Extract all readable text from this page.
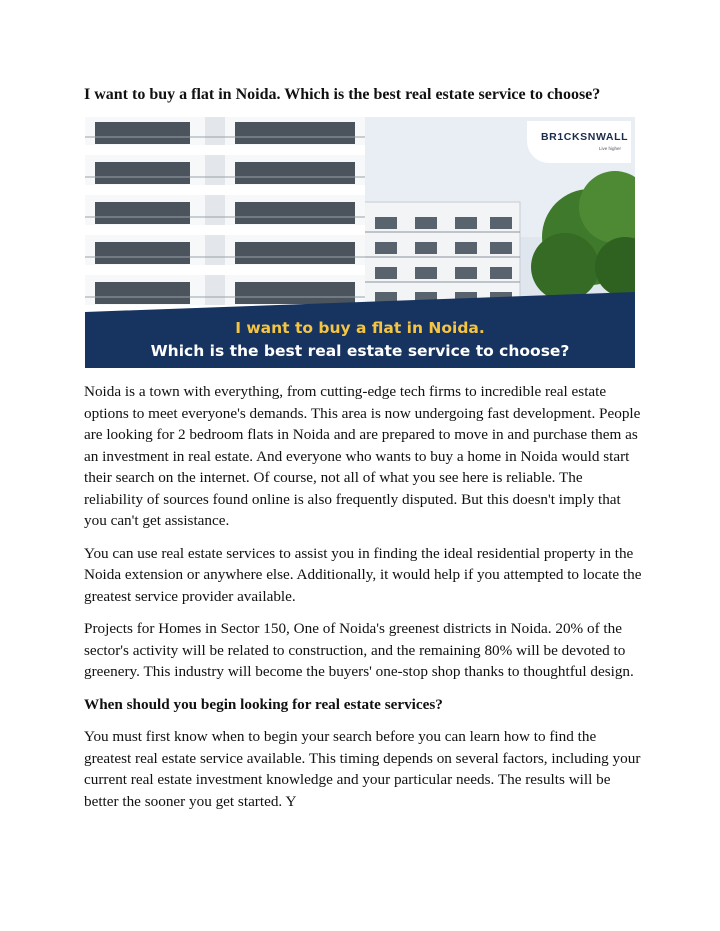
I want to buy a flat in Noida. Which is the best real estate service to choose?
BR1CKSNWALL
Live higher
I want to buy a flat in Noida.
Which is the best real estate service to choose?

Noida is a town with everything, from cutting-edge tech firms to incredible real estate options to meet everyone's demands. This area is now undergoing fast development. People are looking for 2 bedroom flats in Noida and are prepared to move in and purchase them as an investment in real estate. And everyone who wants to buy a home in Noida would start their search on the internet. Of course, not all of what you see here is reliable. The reliability of sources found online is also frequently disputed. But this doesn't imply that you can't get assistance.

You can use real estate services to assist you in finding the ideal residential property in the Noida extension or anywhere else. Additionally, it would help if you attempted to locate the greatest service provider available.

Projects for Homes in Sector 150, One of Noida's greenest districts in Noida. 20% of the sector's activity will be related to construction, and the remaining 80% will be devoted to greenery. This industry will become the buyers' one-stop shop thanks to thoughtful design.

When should you begin looking for real estate services?

You must first know when to begin your search before you can learn how to find the greatest real estate service available. This timing depends on several factors, including your current real estate investment knowledge and your particular needs. The results will be better the sooner you get started. Y
